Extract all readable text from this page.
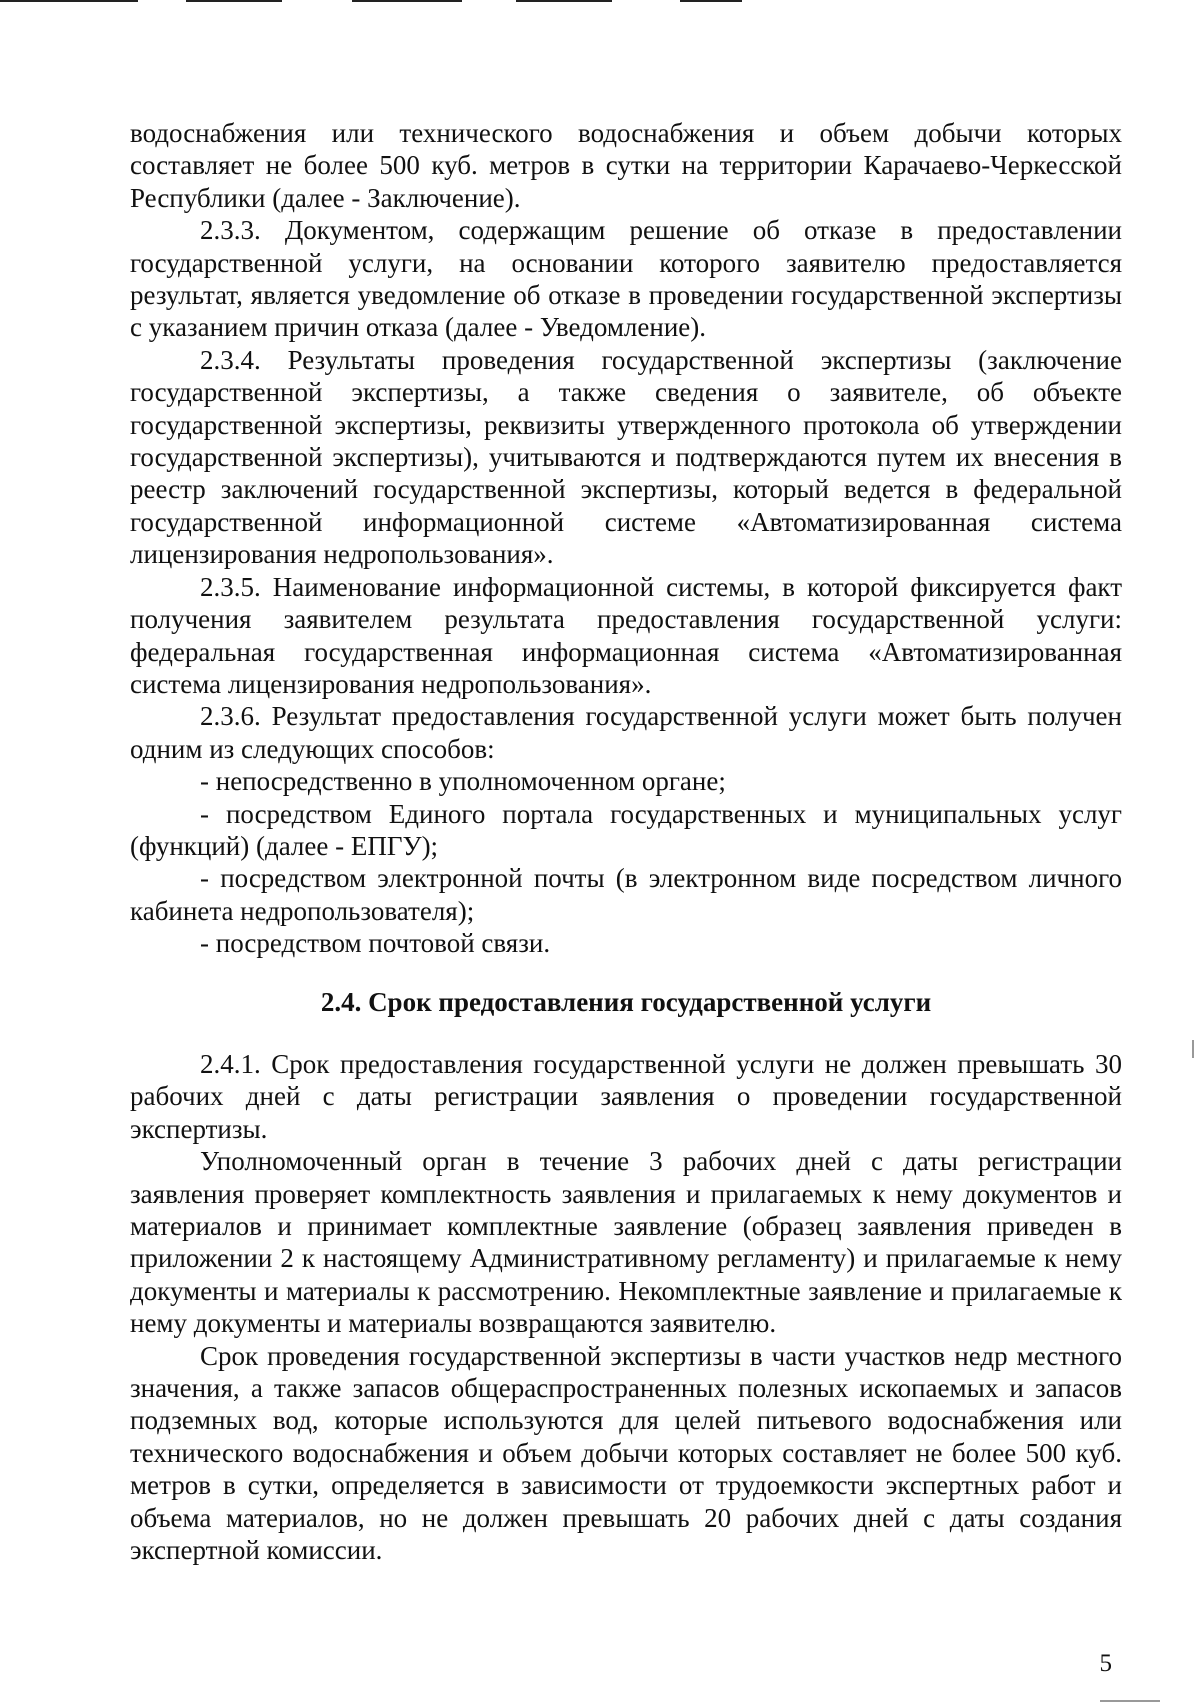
водоснабжения или технического водоснабжения и объем добычи которых составляет не более 500 куб. метров в сутки на территории Карачаево-Черкесской Республики (далее - Заключение).

2.3.3. Документом, содержащим решение об отказе в предоставлении государственной услуги, на основании которого заявителю предоставляется результат, является уведомление об отказе в проведении государственной экспертизы с указанием причин отказа (далее - Уведомление).

2.3.4. Результаты проведения государственной экспертизы (заключение государственной экспертизы, а также сведения о заявителе, об объекте государственной экспертизы, реквизиты утвержденного протокола об утверждении государственной экспертизы), учитываются и подтверждаются путем их внесения в реестр заключений государственной экспертизы, который ведется в федеральной государственной информационной системе «Автоматизированная система лицензирования недропользования».

2.3.5. Наименование информационной системы, в которой фиксируется факт получения заявителем результата предоставления государственной услуги: федеральная государственная информационная система «Автоматизированная система лицензирования недропользования».

2.3.6. Результат предоставления государственной услуги может быть получен одним из следующих способов:

- непосредственно в уполномоченном органе;

- посредством Единого портала государственных и муниципальных услуг (функций) (далее - ЕПГУ);

- посредством электронной почты (в электронном виде посредством личного кабинета недропользователя);

- посредством почтовой связи.

2.4. Срок предоставления государственной услуги

2.4.1. Срок предоставления государственной услуги не должен превышать 30 рабочих дней с даты регистрации заявления о проведении государственной экспертизы.

Уполномоченный орган в течение 3 рабочих дней с даты регистрации заявления проверяет комплектность заявления и прилагаемых к нему документов и материалов и принимает комплектные заявление (образец заявления приведен в приложении 2 к настоящему Административному регламенту) и прилагаемые к нему документы и материалы к рассмотрению. Некомплектные заявление и прилагаемые к нему документы и материалы возвращаются заявителю.

Срок проведения государственной экспертизы в части участков недр местного значения, а также запасов общераспространенных полезных ископаемых и запасов подземных вод, которые используются для целей питьевого водоснабжения или технического водоснабжения и объем добычи которых составляет не более 500 куб. метров в сутки, определяется в зависимости от трудоемкости экспертных работ и объема материалов, но не должен превышать 20 рабочих дней с даты создания экспертной комиссии.

5
